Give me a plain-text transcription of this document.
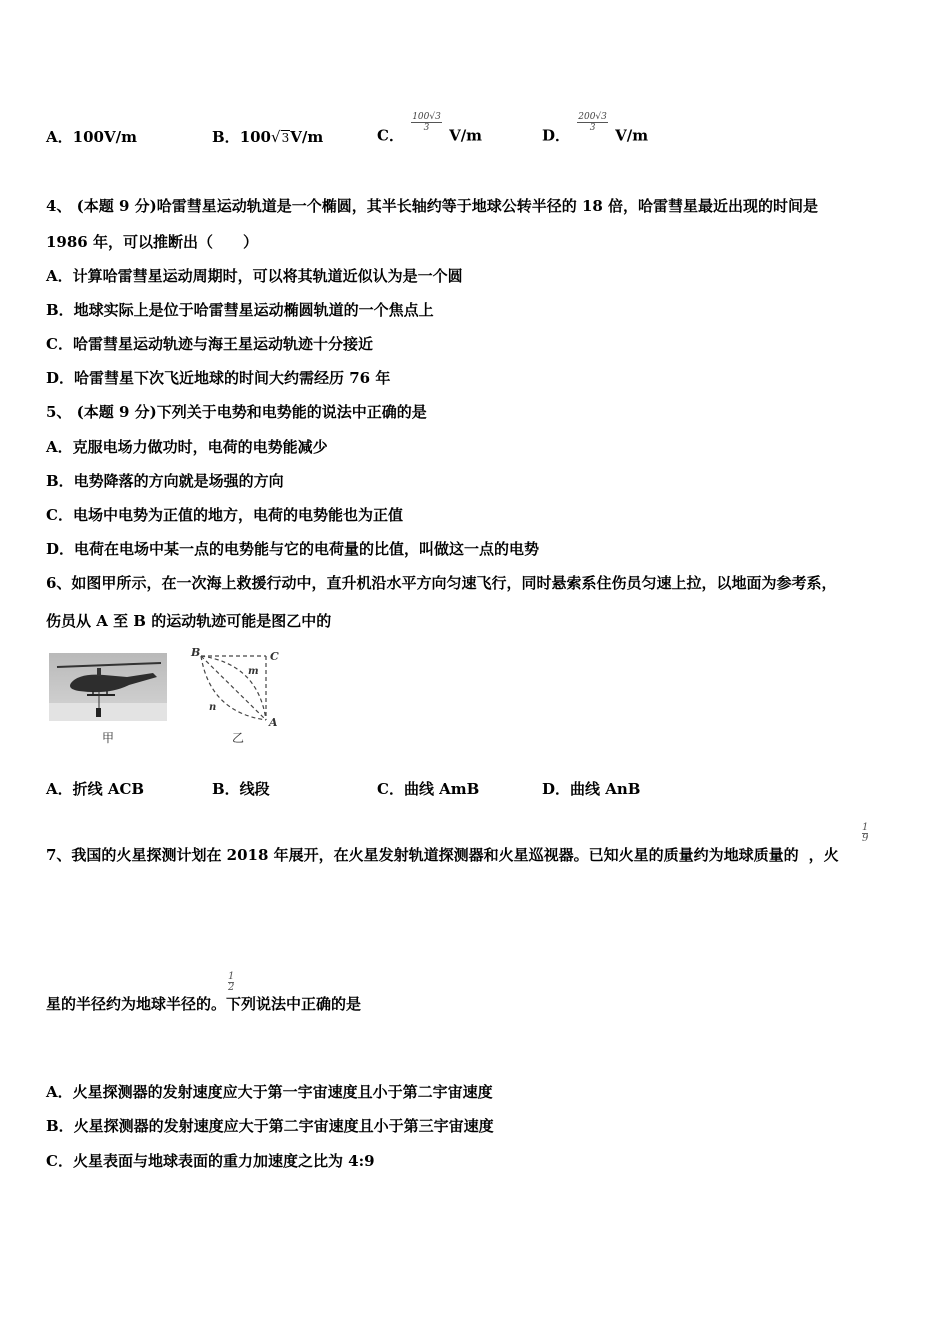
A．100V/m	B．100√3V/m	C．
$\frac{100√3}{3}$
V/m	D．
$\frac{200√3}{3}$
V/m
4、 (本题 9 分)哈雷彗星运动轨道是一个椭圆，其半长轴约等于地球公转半径的 18 倍，哈雷彗星最近出现的时间是
1986 年，可以推断出（　　）
A．计算哈雷彗星运动周期时，可以将其轨道近似认为是一个圆
B．地球实际上是位于哈雷彗星运动椭圆轨道的一个焦点上
C．哈雷彗星运动轨迹与海王星运动轨迹十分接近
D．哈雷彗星下次飞近地球的时间大约需经历 76 年
5、 (本题 9 分)下列关于电势和电势能的说法中正确的是
A．克服电场力做功时，电荷的电势能减少
B．电势降落的方向就是场强的方向
C．电场中电势为正值的地方，电荷的电势能也为正值
D．电荷在电场中某一点的电势能与它的电荷量的比值，叫做这一点的电势
6、如图甲所示，在一次海上救援行动中，直升机沿水平方向匀速飞行，同时悬索系住伤员匀速上拉，以地面为参考系，
伤员从 A 至 B 的运动轨迹可能是图乙中的
甲
B	C
A
m
n
乙
A．折线 ACB	B．线段	C．曲线 AmB	D．曲线 AnB
7、我国的火星探测计划在 2018 年展开，在火星发射轨道探测器和火星巡视器。已知火星的质量约为地球质量的 ，火
$\frac{1}{9}$
星的半径约为地球半径的。下列说法中正确的是
$\frac{1}{2}$
A．火星探测器的发射速度应大于第一宇宙速度且小于第二宇宙速度
B．火星探测器的发射速度应大于第二宇宙速度且小于第三宇宙速度
C．火星表面与地球表面的重力加速度之比为 4:9
